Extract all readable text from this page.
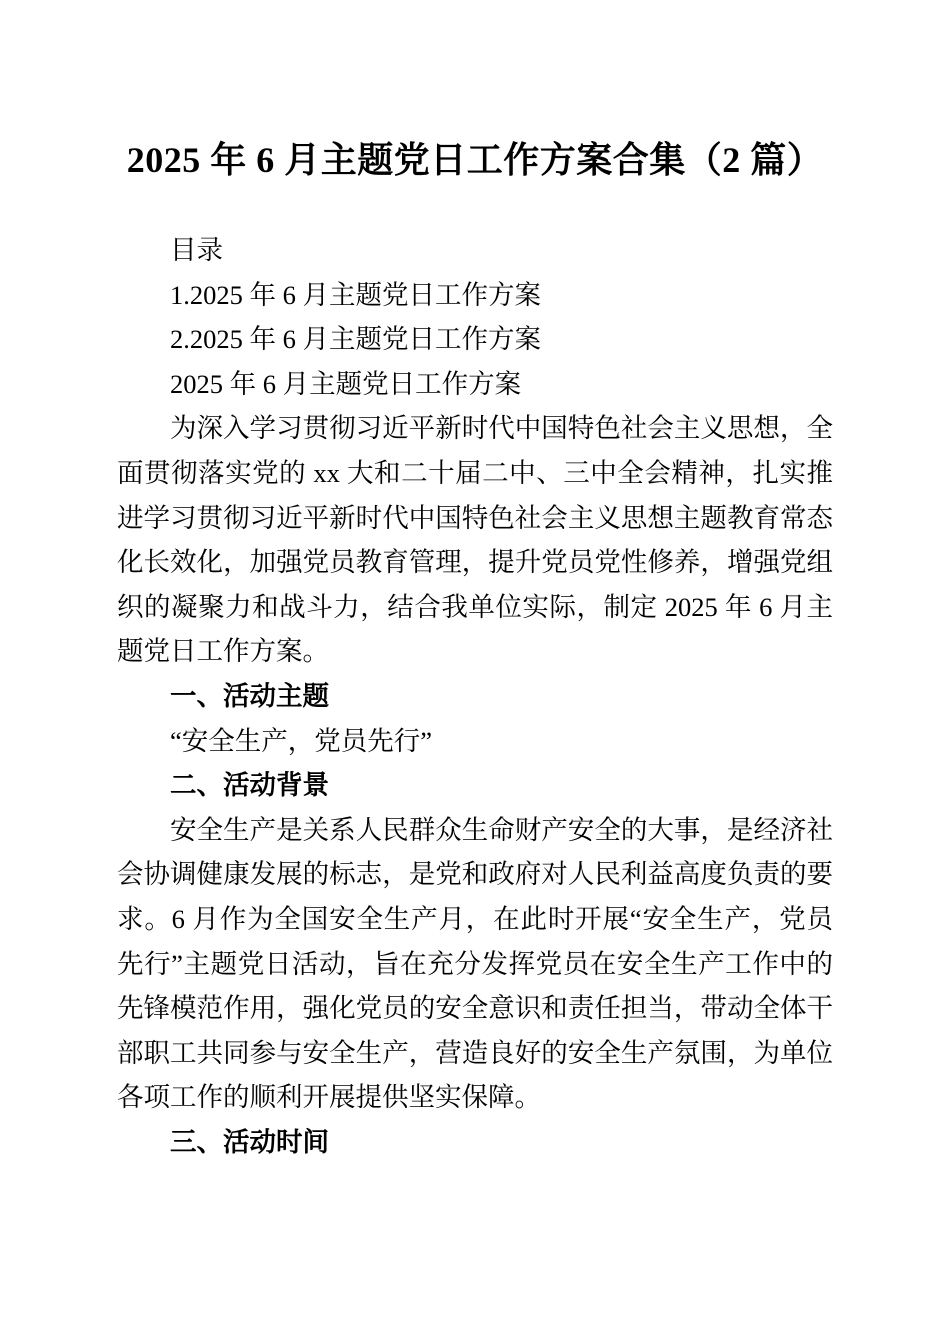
2025 年 6 月主题党日工作方案合集（2 篇）
目录
1.2025 年 6 月主题党日工作方案
2.2025 年 6 月主题党日工作方案
2025 年 6 月主题党日工作方案
为深入学习贯彻习近平新时代中国特色社会主义思想，全面贯彻落实党的 xx 大和二十届二中、三中全会精神，扎实推进学习贯彻习近平新时代中国特色社会主义思想主题教育常态化长效化，加强党员教育管理，提升党员党性修养，增强党组织的凝聚力和战斗力，结合我单位实际，制定 2025 年 6 月主题党日工作方案。
一、活动主题
“安全生产，党员先行”
二、活动背景
安全生产是关系人民群众生命财产安全的大事，是经济社会协调健康发展的标志，是党和政府对人民利益高度负责的要求。6 月作为全国安全生产月，在此时开展“安全生产，党员先行”主题党日活动，旨在充分发挥党员在安全生产工作中的先锋模范作用，强化党员的安全意识和责任担当，带动全体干部职工共同参与安全生产，营造良好的安全生产氛围，为单位各项工作的顺利开展提供坚实保障。
三、活动时间
